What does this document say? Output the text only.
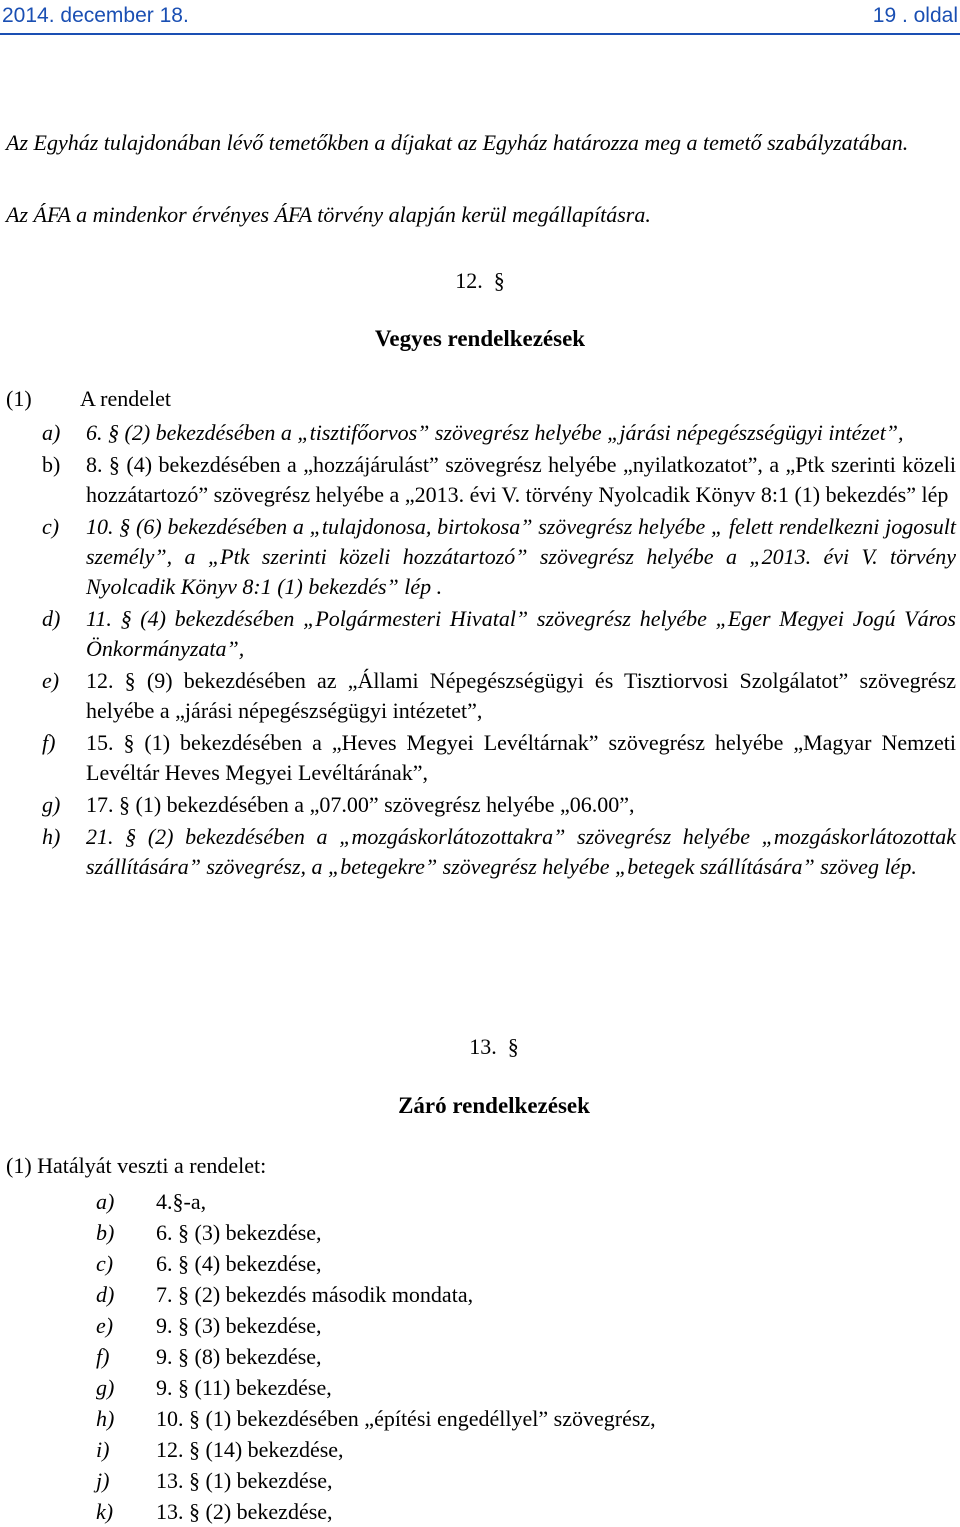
2014. december 18.	19 . oldal
Az Egyház tulajdonában lévő temetőkben a díjakat az Egyház határozza meg a temető szabályzatában.
Az ÁFA a mindenkor érvényes ÁFA törvény alapján kerül megállapításra.
12. §
Vegyes rendelkezések
(1) A rendelet
a) 6. § (2) bekezdésében a „tisztifőorvos” szövegrész helyébe „járási népegészségügyi intézet”,
b) 8. § (4) bekezdésében a „hozzájárulást” szövegrész helyébe „nyilatkozatot”, a „Ptk szerinti közeli hozzátartozó” szövegrész helyébe a „2013. évi V. törvény Nyolcadik Könyv 8:1 (1) bekezdés” lép
c) 10. § (6) bekezdésében a „tulajdonosa, birtokosa” szövegrész helyébe „ felett rendelkezni jogosult személy”, a „Ptk szerinti közeli hozzátartozó” szövegrész helyébe a „2013. évi V. törvény Nyolcadik Könyv 8:1 (1) bekezdés” lép .
d) 11. § (4) bekezdésében „Polgármesteri Hivatal” szövegrész helyébe „Eger Megyei Jogú Város Önkormányzata”,
e) 12. § (9) bekezdésében az „Állami Népegészségügyi és Tisztiorvosi Szolgálatot” szövegrész helyébe a „járási népegészségügyi intézetet”,
f) 15. § (1) bekezdésében a „Heves Megyei Levéltárnak” szövegrész helyébe „Magyar Nemzeti Levéltár Heves Megyei Levéltárának”,
g) 17. § (1) bekezdésében a „07.00” szövegrész helyébe „06.00”,
h) 21. § (2) bekezdésében a „mozgáskorlátozottakra” szövegrész helyébe „mozgáskorlátozottak szállítására” szövegrész, a „betegekre” szövegrész helyébe „betegek szállítására” szöveg lép.
13. §
Záró rendelkezések
(1) Hatályát veszti a rendelet:
a) 4.§-a,
b) 6. § (3) bekezdése,
c) 6. § (4) bekezdése,
d) 7. § (2) bekezdés második mondata,
e) 9. § (3) bekezdése,
f) 9. § (8) bekezdése,
g) 9. § (11) bekezdése,
h) 10. § (1) bekezdésében „építési engedéllyel” szövegrész,
i) 12. § (14) bekezdése,
j) 13. § (1) bekezdése,
k) 13. § (2) bekezdése,
